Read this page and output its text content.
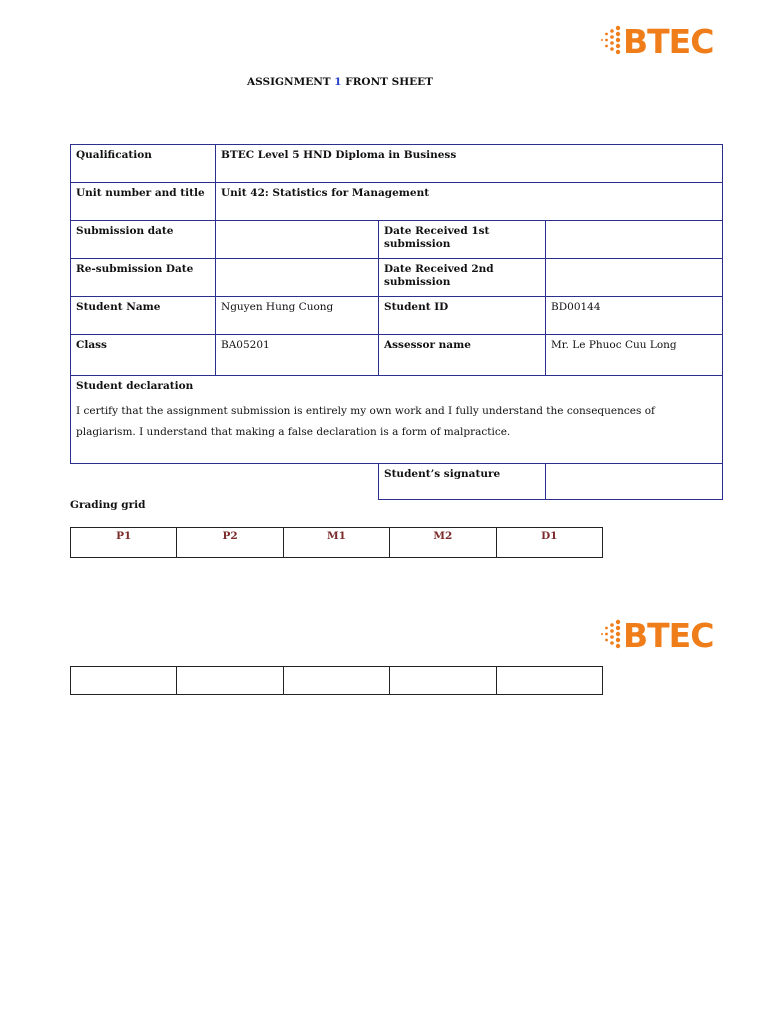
BTEC
ASSIGNMENT 1 FRONT SHEET
Qualification	BTEC Level 5 HND Diploma in Business		
Unit number and title	Unit 42: Statistics for Management		
Submission date		Date Received 1st submission	
Re-submission Date		Date Received 2nd submission	
Student Name	Nguyen Hung Cuong	Student ID	BD00144
Class	BA05201	Assessor name	Mr. Le Phuoc Cuu Long

Student declaration
I certify that the assignment submission is entirely my own work and I fully understand the consequences of plagiarism. I understand that making a false declaration is a form of malpractice.			

		Student’s signature	
Grading grid
P1	P2	M1	M2	D1
BTEC
